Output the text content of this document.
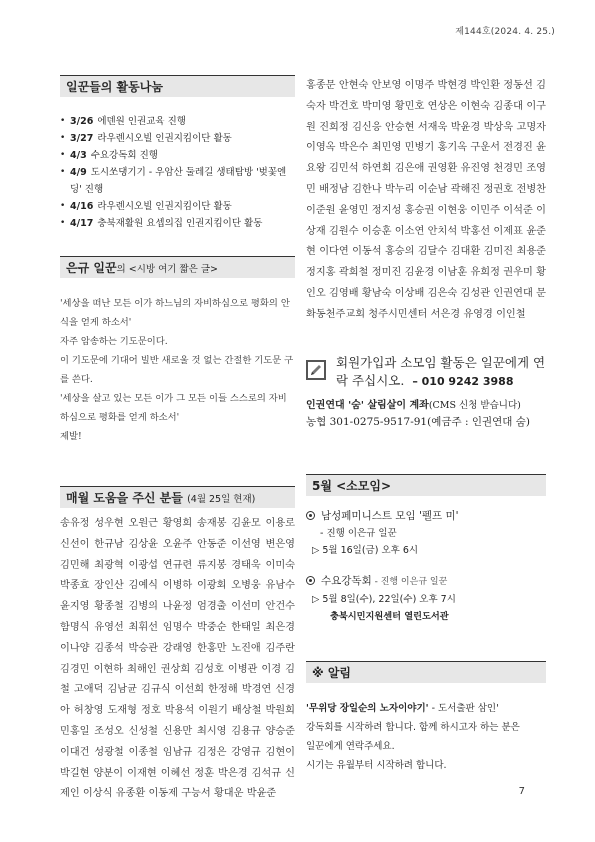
제144호(2024. 4. 25.)
일꾼들의 활동나눔
• 3/26 에덴원 인권교육 진행
• 3/27 라우렌시오빌 인권지킴이단 활동
• 4/3 수요강독회 진행
• 4/9 도시쏘댕기기 - 우암산 둘레길 생태탐방 '벚꽃엔딩' 진행
• 4/16 라우렌시오빌 인권지킴이단 활동
• 4/17 충북재활원 요셉의집 인권지킴이단 활동
은규 일꾼의 <시방 여기 짧은 글>
'세상을 떠난 모든 이가 하느님의 자비하심으로 평화의 안식을 얻게 하소서'
자주 암송하는 기도문이다.
이 기도문에 기대어 빌반 새로울 것 없는 간절한 기도문 구를 쓴다.
'세상을 살고 있는 모든 이가 그 모든 이들 스스로의 자비하심으로 평화를 얻게 하소서'
제발!
매월 도움을 주신 분들 (4월 25일 현재)
송유정 성우현 오원근 황영희 송재봉 김윤모 이용로 신선이 한규남 김상윤 오윤주 안동준 이선영 변은영 김민해 최광혁 이광섭 연규련 류지봉 경태욱 이미숙 박종효 장인산 김예식 이병하 이광회 오병웅 유남수 윤지영 황종철 김병의 나윤정 엄경출 이선미 안건수 함명식 유영선 최휘선 임명수 박중순 한태일 최은경 이나양 김종석 박승관 강래영 한홍만 노진애 김주란 김경민 이현하 최해인 권상희 김성호 이병관 이경 김철 고애덕 김남균 김규식 이선희 한정해 박경연 신경아 허창영 도재형 정호 박용석 이원기 배상철 박원희 민홍일 조성오 신성철 신용만 최시영 김용규 양승준 이대건 성광철 이종철 임남규 김정은 강영규 김현이 박길현 양분이 이재현 이혜선 정훈 박은경 김석규 신제인 이상식 유종환 이동제 구능서 황대운 박윤준
홍종문 안현숙 안보영 이명주 박현경 박인환 정동선 김숙자 박건호 박미영 황민호 연상은 이현숙 김종대 이구원 진희정 김신응 안승현 서재욱 박윤경 박상욱 고명자 이영옥 박은수 최민영 민병기 홍기옥 구운서 전경진 윤요왕 김민석 하연희 김은애 권영환 유진영 천경민 조영민 배정남 김한나 박누리 이순남 곽해진 정권호 전병찬 이준원 윤영민 정지성 홍승권 이현웅 이민주 이석준 이상재 김원수 이승훈 이소연 안치석 박홍선 이제표 윤준현 이다연 이동석 홍승의 김달수 김대환 김미진 최용준 정지홍 곽희철 정미진 김윤경 이남훈 유희정 권우미 황인오 김영배 황남숙 이상배 김은숙 김성관 인권연대 문화동천주교회 청주시민센터 서은경 유영경 이인철
회원가입과 소모임 활동은 일꾼에게 연락 주십시오. – 010 9242 3988
인권연대 '숨' 살림살이 계좌(CMS 신청 받습니다)
농협 301-0275-9517-91(예금주 : 인권연대 숨)
5월 <소모임>
남성페미니스트 모임 '펠프 미'
- 진행 이은규 일꾼
▷ 5월 16일(금) 오후 6시
수요강독회 - 진행 이은규 일꾼
▷ 5월 8일(수), 22일(수) 오후 7시
충북시민지원센터 열린도서관
※ 알림
'무위당 장일순의 노자이야기' - 도서출판 삼인'
강독회를 시작하려 합니다. 함께 하시고자 하는 분은
일꾼에게 연락주세요.
시기는 유월부터 시작하려 합니다.
7
